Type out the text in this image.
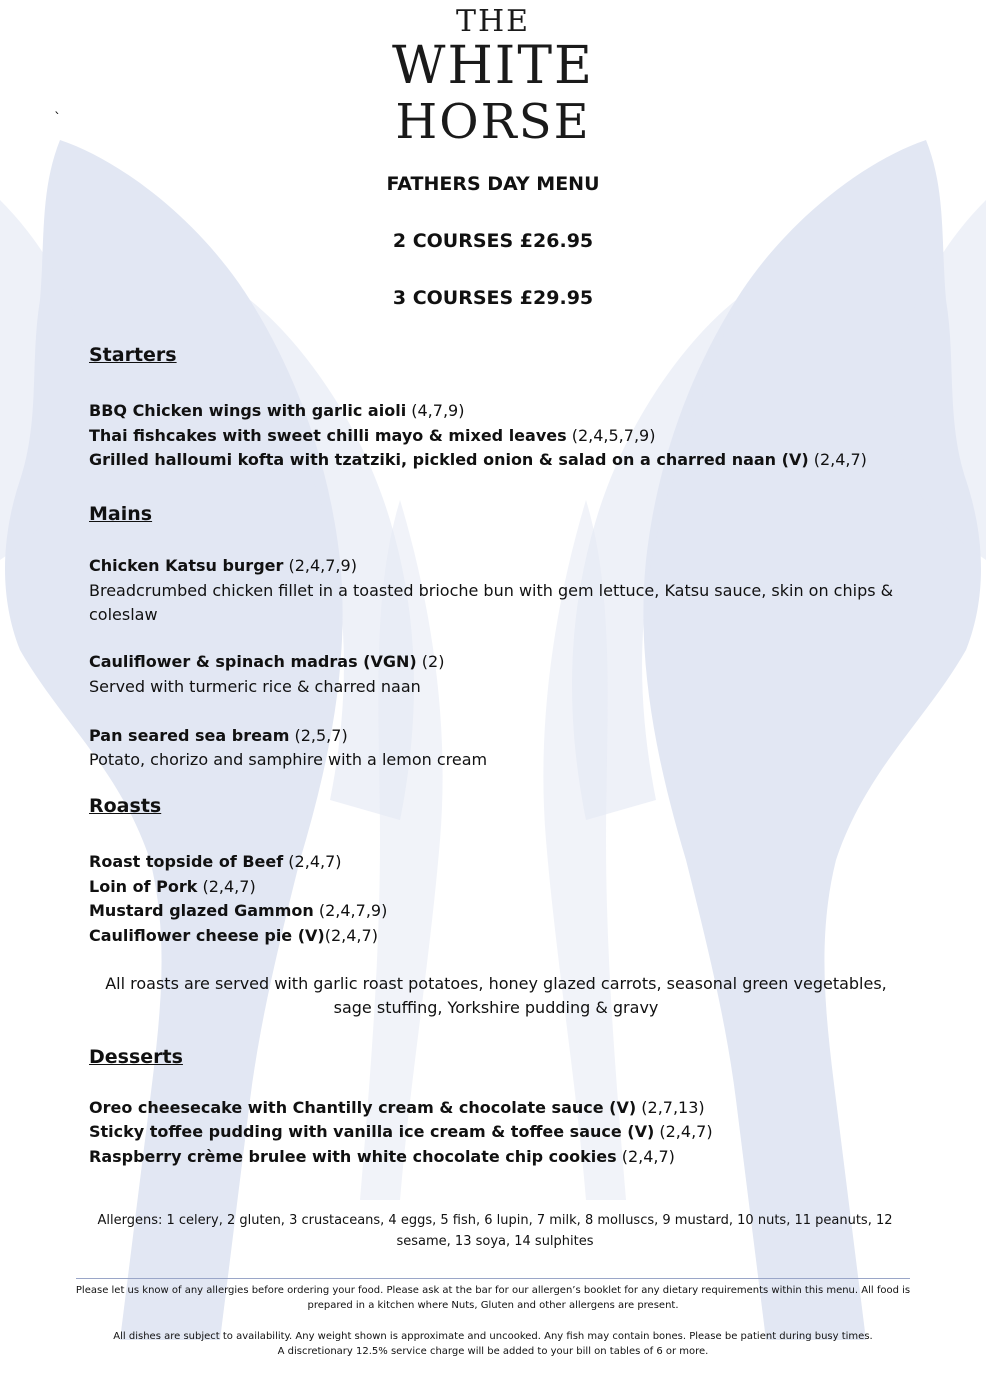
THE
WHITE
HORSE
`
FATHERS DAY MENU
2 COURSES £26.95
3 COURSES £29.95
Starters
BBQ Chicken wings with garlic aioli (4,7,9)
Thai fishcakes with sweet chilli mayo & mixed leaves (2,4,5,7,9)
Grilled halloumi kofta with tzatziki, pickled onion & salad on a charred naan (V) (2,4,7)
Mains
Chicken Katsu burger (2,4,7,9)
Breadcrumbed chicken fillet in a toasted brioche bun with gem lettuce, Katsu sauce, skin on chips & coleslaw
Cauliflower & spinach madras (VGN) (2)
Served with turmeric rice & charred naan
Pan seared sea bream (2,5,7)
Potato, chorizo and samphire with a lemon cream
Roasts
Roast topside of Beef (2,4,7)
Loin of Pork (2,4,7)
Mustard glazed Gammon (2,4,7,9)
Cauliflower cheese pie (V)(2,4,7)
All roasts are served with garlic roast potatoes, honey glazed carrots, seasonal green vegetables, sage stuffing, Yorkshire pudding & gravy
Desserts
Oreo cheesecake with Chantilly cream & chocolate sauce (V) (2,7,13)
Sticky toffee pudding with vanilla ice cream & toffee sauce (V) (2,4,7)
Raspberry crème brulee with white chocolate chip cookies (2,4,7)
Allergens: 1 celery, 2 gluten, 3 crustaceans, 4 eggs, 5 fish, 6 lupin, 7 milk, 8 molluscs, 9 mustard, 10 nuts, 11 peanuts, 12 sesame, 13 soya, 14 sulphites
Please let us know of any allergies before ordering your food. Please ask at the bar for our allergen’s booklet for any dietary requirements within this menu. All food is prepared in a kitchen where Nuts, Gluten and other allergens are present.
All dishes are subject to availability. Any weight shown is approximate and uncooked. Any fish may contain bones. Please be patient during busy times.
A discretionary 12.5% service charge will be added to your bill on tables of 6 or more.
